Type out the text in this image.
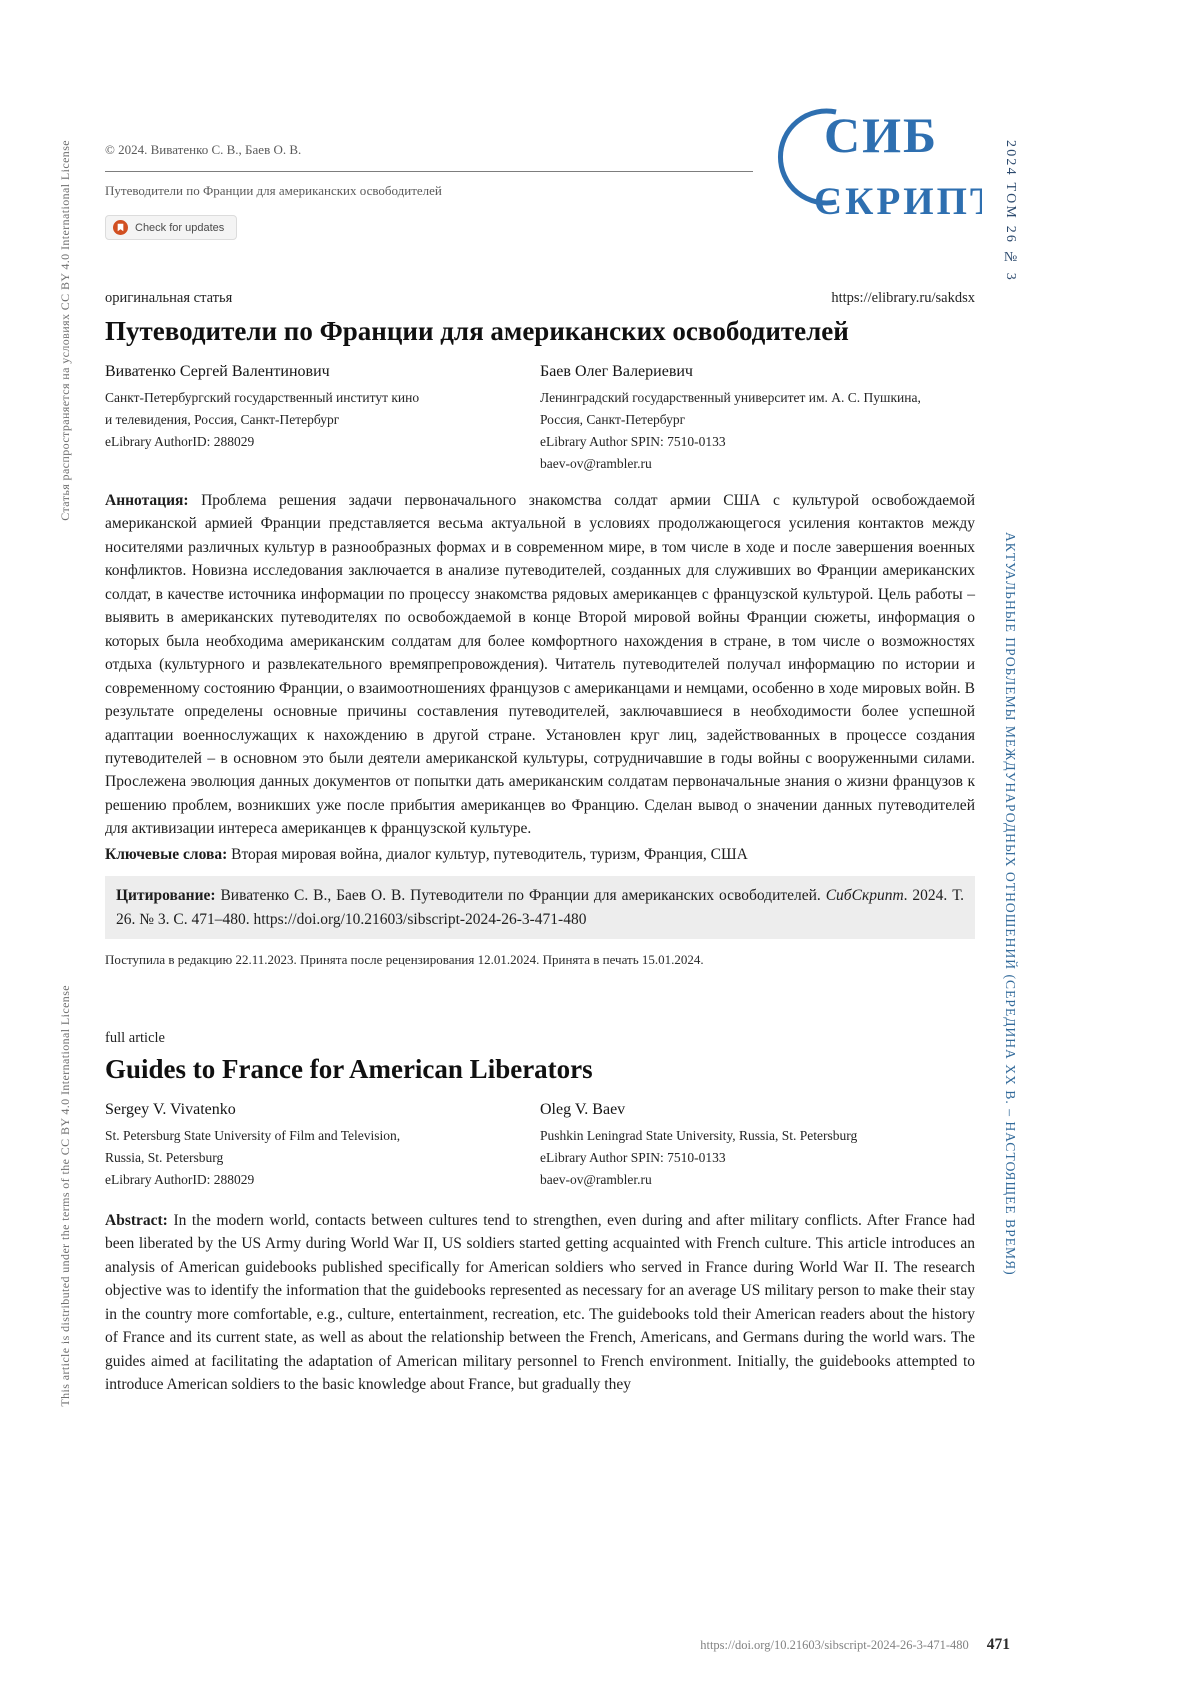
Статья распространяется на условиях CC BY 4.0 International License
This article is distributed under the terms of the CC BY 4.0 International License
2024 ТОМ 26 № 3
АКТУАЛЬНЫЕ ПРОБЛЕМЫ МЕЖДУНАРОДНЫХ ОТНОШЕНИЙ (СЕРЕДИНА XX В. – НАСТОЯЩЕЕ ВРЕМЯ)
СИБ
СКРИПТ
© 2024. Виватенко С. В., Баев О. В.
Путеводители по Франции для американских освободителей
Check for updates
оригинальная статья	https://elibrary.ru/sakdsx
Путеводители по Франции для американских освободителей
Виватенко Сергей Валентинович
Санкт-Петербургский государственный институт кино
и телевидения, Россия, Санкт-Петербург
eLibrary AuthorID: 288029
Баев Олег Валериевич
Ленинградский государственный университет им. А. С. Пушкина,
Россия, Санкт-Петербург
eLibrary Author SPIN: 7510-0133
baev-ov@rambler.ru

Аннотация: Проблема решения задачи первоначального знакомства солдат армии США с культурой освобождаемой американской армией Франции представляется весьма актуальной в условиях продолжающегося усиления контактов между носителями различных культур в разнообразных формах и в современном мире, в том числе в ходе и после завершения военных конфликтов. Новизна исследования заключается в анализе путеводителей, созданных для служивших во Франции американских солдат, в качестве источника информации по процессу знакомства рядовых американцев с французской культурой. Цель работы – выявить в американских путеводителях по освобождаемой в конце Второй мировой войны Франции сюжеты, информация о которых была необходима американским солдатам для более комфортного нахождения в стране, в том числе о возможностях отдыха (культурного и развлекательного времяпрепровождения). Читатель путеводителей получал информацию по истории и современному состоянию Франции, о взаимоотношениях французов с американцами и немцами, особенно в ходе мировых войн. В результате определены основные причины составления путеводителей, заключавшиеся в необходимости более успешной адаптации военнослужащих к нахождению в другой стране. Установлен круг лиц, задействованных в процессе создания путеводителей – в основном это были деятели американской культуры, сотрудничавшие в годы войны с вооруженными силами. Прослежена эволюция данных документов от попытки дать американским солдатам первоначальные знания о жизни французов к решению проблем, возникших уже после прибытия американцев во Францию. Сделан вывод о значении данных путеводителей для активизации интереса американцев к французской культуре.

Ключевые слова: Вторая мировая война, диалог культур, путеводитель, туризм, Франция, США

Цитирование: Виватенко С. В., Баев О. В. Путеводители по Франции для американских освободителей. СибСкрипт. 2024. Т. 26. № 3. С. 471–480. https://doi.org/10.21603/sibscript-2024-26-3-471-480

Поступила в редакцию 22.11.2023. Принята после рецензирования 12.01.2024. Принята в печать 15.01.2024.

full article

Guides to France for American Liberators
Sergey V. Vivatenko
St. Petersburg State University of Film and Television,
Russia, St. Petersburg
eLibrary AuthorID: 288029
Oleg V. Baev
Pushkin Leningrad State University, Russia, St. Petersburg
eLibrary Author SPIN: 7510-0133
baev-ov@rambler.ru

Abstract: In the modern world, contacts between cultures tend to strengthen, even during and after military conflicts. After France had been liberated by the US Army during World War II, US soldiers started getting acquainted with French culture. This article introduces an analysis of American guidebooks published specifically for American soldiers who served in France during World War II. The research objective was to identify the information that the guidebooks represented as necessary for an average US military person to make their stay in the country more comfortable, e.g., culture, entertainment, recreation, etc. The guidebooks told their American readers about the history of France and its current state, as well as about the relationship between the French, Americans, and Germans during the world wars. The guides aimed at facilitating the adaptation of American military personnel to French environment. Initially, the guidebooks attempted to introduce American soldiers to the basic knowledge about France, but gradually they

https://doi.org/10.21603/sibscript-2024-26-3-471-480 471
